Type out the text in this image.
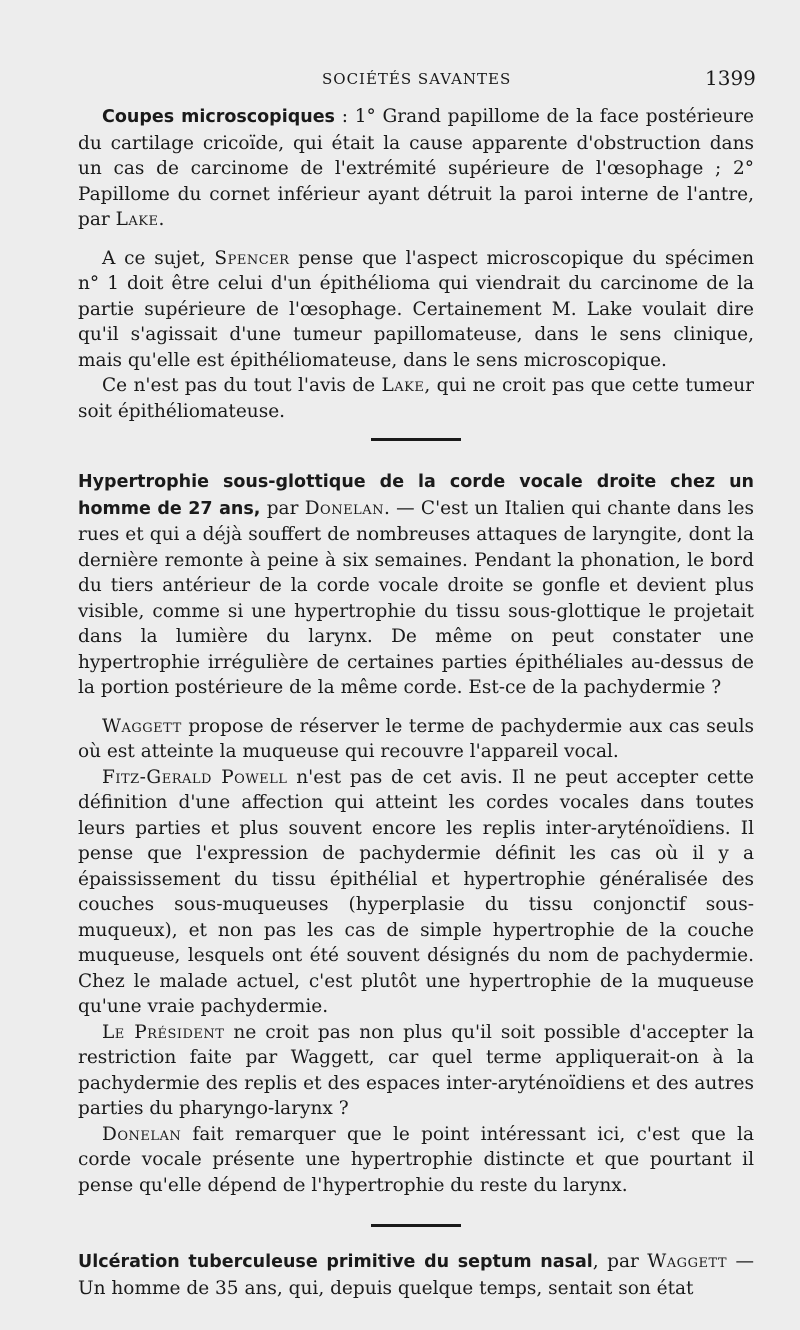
SOCIÉTÉS SAVANTES	1399

Coupes microscopiques : 1° Grand papillome de la face postérieure du cartilage cricoïde, qui était la cause apparente d'obstruction dans un cas de carcinome de l'extrémité supérieure de l'œsophage ; 2° Papillome du cornet inférieur ayant détruit la paroi interne de l'antre, par Lake.

A ce sujet, Spencer pense que l'aspect microscopique du spécimen n° 1 doit être celui d'un épithélioma qui viendrait du carcinome de la partie supérieure de l'œsophage. Certainement M. Lake voulait dire qu'il s'agissait d'une tumeur papillomateuse, dans le sens clinique, mais qu'elle est épithéliomateuse, dans le sens microscopique.

Ce n'est pas du tout l'avis de Lake, qui ne croit pas que cette tumeur soit épithéliomateuse.

Hypertrophie sous-glottique de la corde vocale droite chez un homme de 27 ans, par Donelan. — C'est un Italien qui chante dans les rues et qui a déjà souffert de nombreuses attaques de laryngite, dont la dernière remonte à peine à six semaines. Pendant la phonation, le bord du tiers antérieur de la corde vocale droite se gonfle et devient plus visible, comme si une hypertrophie du tissu sous-glottique le projetait dans la lumière du larynx. De même on peut constater une hypertrophie irrégulière de certaines parties épithéliales au-dessus de la portion postérieure de la même corde. Est-ce de la pachydermie ?

Waggett propose de réserver le terme de pachydermie aux cas seuls où est atteinte la muqueuse qui recouvre l'appareil vocal.

Fitz-Gerald Powell n'est pas de cet avis. Il ne peut accepter cette définition d'une affection qui atteint les cordes vocales dans toutes leurs parties et plus souvent encore les replis inter-aryténoïdiens. Il pense que l'expression de pachydermie définit les cas où il y a épaississement du tissu épithélial et hypertrophie généralisée des couches sous-muqueuses (hyperplasie du tissu conjonctif sous-muqueux), et non pas les cas de simple hypertrophie de la couche muqueuse, lesquels ont été souvent désignés du nom de pachydermie. Chez le malade actuel, c'est plutôt une hypertrophie de la muqueuse qu'une vraie pachydermie.

Le Président ne croit pas non plus qu'il soit possible d'accepter la restriction faite par Waggett, car quel terme appliquerait-on à la pachydermie des replis et des espaces inter-aryténoïdiens et des autres parties du pharyngo-larynx ?

Donelan fait remarquer que le point intéressant ici, c'est que la corde vocale présente une hypertrophie distincte et que pourtant il pense qu'elle dépend de l'hypertrophie du reste du larynx.

Ulcération tuberculeuse primitive du septum nasal, par Waggett — Un homme de 35 ans, qui, depuis quelque temps, sentait son état
